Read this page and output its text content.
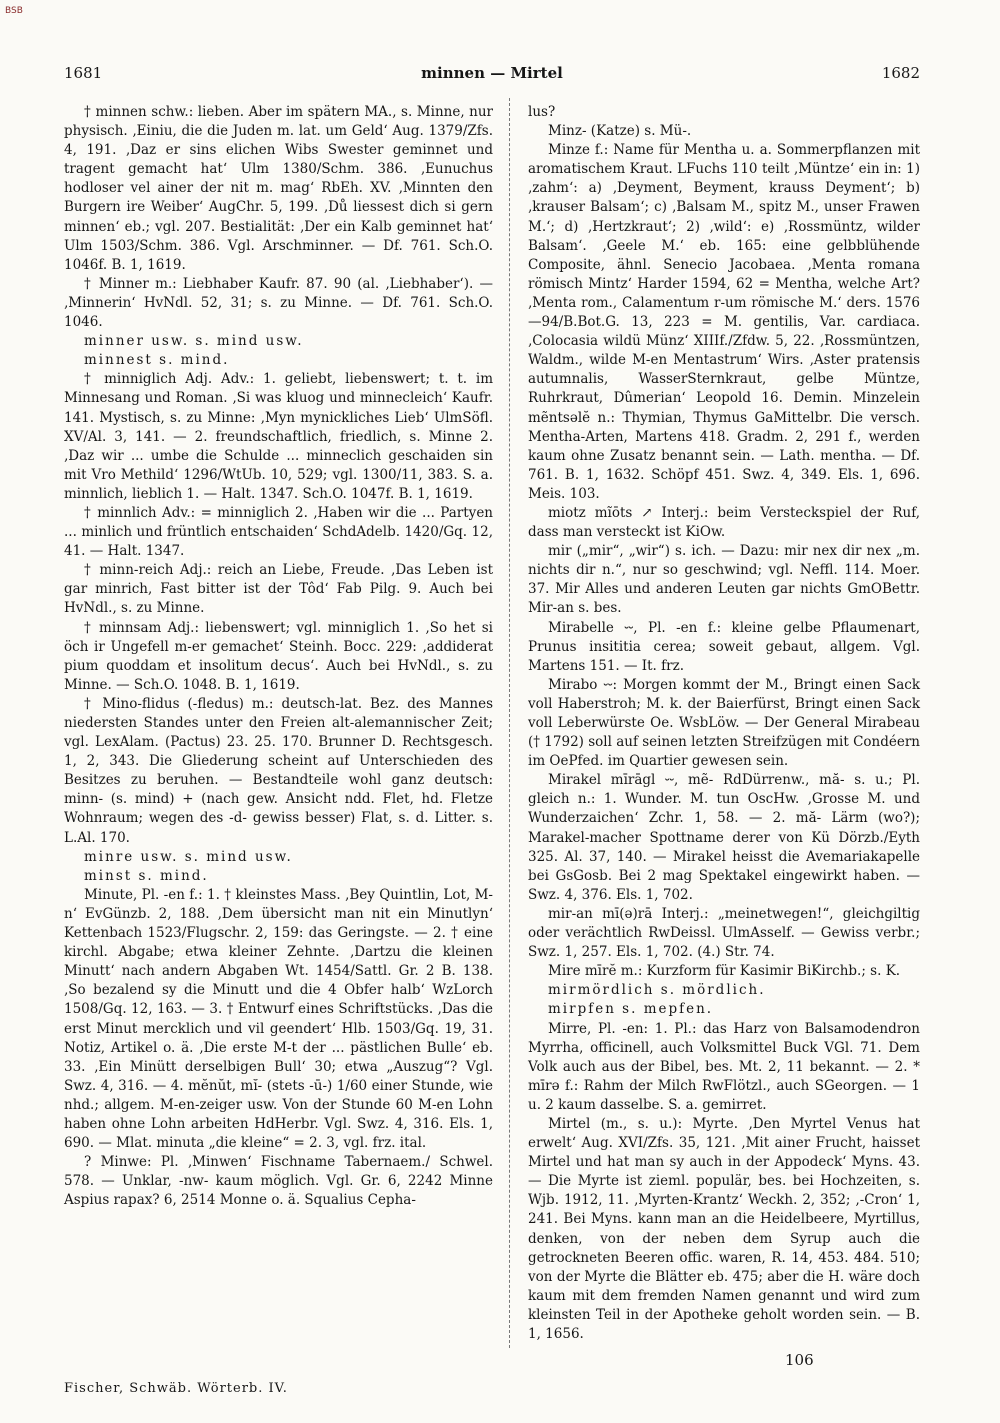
BSB
1681	minnen — Mirtel	1682

† minnen schw.: lieben. Aber im spätern MA., s. Minne, nur physisch. ‚Einiu, die die Juden m. lat. um Geld‘ Aug. 1379/Zfs. 4, 191. ‚Daz er sins elichen Wibs Swester geminnet und tragent gemacht hat‘ Ulm 1380/Schm. 386. ‚Eunuchus hodloser vel ainer der nit m. mag‘ RbEh. XV. ‚Minnten den Burgern ire Weiber‘ AugChr. 5, 199. ‚Dů liessest dich si gern minnen‘ eb.; vgl. 207. Bestialität: ‚Der ein Kalb geminnet hat‘ Ulm 1503/Schm. 386. Vgl. Arschminner. — Df. 761. Sch.O. 1046f. B. 1, 1619.

† Minner m.: Liebhaber Kaufr. 87. 90 (al. ‚Liebhaber‘). — ‚Minnerin‘ HvNdl. 52, 31; s. zu Minne. — Df. 761. Sch.O. 1046.

minner usw. s. mind usw.

minnest s. mind.

† minniglich Adj. Adv.: 1. geliebt, liebenswert; t. t. im Minnesang und Roman. ‚Si was kluog und minnecleich‘ Kaufr. 141. Mystisch, s. zu Minne: ‚Myn mynickliches Lieb‘ UlmSöfl. XV/Al. 3, 141. — 2. freundschaftlich, friedlich, s. Minne 2. ‚Daz wir ... umbe die Schulde ... minneclich geschaiden sin mit Vro Methild‘ 1296/WtUb. 10, 529; vgl. 1300/11, 383. S. a. minnlich, lieblich 1. — Halt. 1347. Sch.O. 1047f. B. 1, 1619.

† minnlich Adv.: = minniglich 2. ‚Haben wir die ... Partyen ... minlich und früntlich entschaiden‘ SchdAdelb. 1420/Gq. 12, 41. — Halt. 1347.

† minn-reich Adj.: reich an Liebe, Freude. ‚Das Leben ist gar minrich, Fast bitter ist der Tôd‘ Fab Pilg. 9. Auch bei HvNdl., s. zu Minne.

† minnsam Adj.: liebenswert; vgl. minniglich 1. ‚So het si öch ir Ungefell m-er gemachet‘ Steinh. Bocc. 229: ‚addiderat pium quoddam et insolitum decus‘. Auch bei HvNdl., s. zu Minne. — Sch.O. 1048. B. 1, 1619.

† Mino-flidus (-fledus) m.: deutsch-lat. Bez. des Mannes niedersten Standes unter den Freien alt-alemannischer Zeit; vgl. LexAlam. (Pactus) 23. 25. 170. Brunner D. Rechtsgesch. 1, 2, 343. Die Gliederung scheint auf Unterschieden des Besitzes zu beruhen. — Bestandteile wohl ganz deutsch: minn- (s. mind) + (nach gew. Ansicht ndd. Flet, hd. Fletze Wohnraum; wegen des -d- gewiss besser) Flat, s. d. Litter. s. L.Al. 170.

minre usw. s. mind usw.

minst s. mind.

Minute, Pl. -en f.: 1. † kleinstes Mass. ‚Bey Quintlin, Lot, M-n‘ EvGünzb. 2, 188. ‚Dem übersicht man nit ein Minutlyn‘ Kettenbach 1523/Flugschr. 2, 159: das Geringste. — 2. † eine kirchl. Abgabe; etwa kleiner Zehnte. ‚Dartzu die kleinen Minutt‘ nach andern Abgaben Wt. 1454/Sattl. Gr. 2 B. 138. ‚So bezalend sy die Minutt und die 4 Obfer halb‘ WzLorch 1508/Gq. 12, 163. — 3. † Entwurf eines Schriftstücks. ‚Das die erst Minut mercklich und vil geendert‘ Hlb. 1503/Gq. 19, 31. Notiz, Artikel o. ä. ‚Die erste M-t der ... pästlichen Bulle‘ eb. 33. ‚Ein Minütt derselbigen Bull‘ 30; etwa „Auszug“? Vgl. Swz. 4, 316. — 4. mĕnŭt, mĭ- (stets -ū-) 1/60 einer Stunde, wie nhd.; allgem. M-en-zeiger usw. Von der Stunde 60 M-en Lohn haben ohne Lohn arbeiten HdHerbr. Vgl. Swz. 4, 316. Els. 1, 690. — Mlat. minuta „die kleine“ = 2. 3, vgl. frz. ital.

? Minwe: Pl. ‚Minwen‘ Fischname Tabernaem./ Schwel. 578. — Unklar, -nw- kaum möglich. Vgl. Gr. 6, 2242 Minne Aspius rapax? 6, 2514 Monne o. ä. Squalius Cepha-

lus?

Minz- (Katze) s. Mü-.

Minze f.: Name für Mentha u. a. Sommerpflanzen mit aromatischem Kraut. LFuchs 110 teilt ‚Müntze‘ ein in: 1) ‚zahm‘: a) ‚Deyment, Beyment, krauss Deyment‘; b) ‚krauser Balsam‘; c) ‚Balsam M., spitz M., unser Frawen M.‘; d) ‚Hertzkraut‘; 2) ‚wild‘: e) ‚Rossmüntz, wilder Balsam‘. ‚Geele M.‘ eb. 165: eine gelbblühende Composite, ähnl. Senecio Jacobaea. ‚Menta romana römisch Mintz‘ Harder 1594, 62 = Mentha, welche Art? ‚Menta rom., Calamentum r-um römische M.‘ ders. 1576—94/B.Bot.G. 13, 223 = M. gentilis, Var. cardiaca. ‚Colocasia wildü Münz‘ XIIIf./Zfdw. 5, 22. ‚Rossmüntzen, Waldm., wilde M-en Mentastrum‘ Wirs. ‚Aster pratensis autumnalis, WasserSternkraut, gelbe Müntze, Ruhrkraut, Dûmerian‘ Leopold 16. Demin. Minzelein mẽntsəlĕ n.: Thymian, Thymus GaMittelbr. Die versch. Mentha-Arten, Martens 418. Gradm. 2, 291 f., werden kaum ohne Zusatz benannt sein. — Lath. mentha. — Df. 761. B. 1, 1632. Schöpf 451. Swz. 4, 349. Els. 1, 696. Meis. 103.

miotz mĩōts ↗ Interj.: beim Versteckspiel der Ruf, dass man versteckt ist KiOw.

mir („mir“, „wir“) s. ich. — Dazu: mir nex dir nex „m. nichts dir n.“, nur so geschwind; vgl. Neffl. 114. Moer. 37. Mir Alles und anderen Leuten gar nichts GmOBettr. Mir-an s. bes.

Mirabelle ⏑⏑, Pl. -en f.: kleine gelbe Pflaumenart, Prunus insititia cerea; soweit gebaut, allgem. Vgl. Martens 151. — It. frz.

Mirabo ⏑⏑: Morgen kommt der M., Bringt einen Sack voll Haberstroh; M. k. der Baierfürst, Bringt einen Sack voll Leberwürste Oe. WsbLöw. — Der General Mirabeau († 1792) soll auf seinen letzten Streifzügen mit Condéern im OePfed. im Quartier gewesen sein.

Mirakel mīrāgl ⏑⏑, mẽ- RdDürrenw., mă- s. u.; Pl. gleich n.: 1. Wunder. M. tun OscHw. ‚Grosse M. und Wunderzaichen‘ Zchr. 1, 58. — 2. mă- Lärm (wo?); Marakel-macher Spottname derer von Kü Dörzb./Eyth 325. Al. 37, 140. — Mirakel heisst die Avemariakapelle bei GsGosb. Bei 2 mag Spektakel eingewirkt haben. — Swz. 4, 376. Els. 1, 702.

mir-an mī(ə)rā Interj.: „meinetwegen!“, gleichgiltig oder verächtlich RwDeissl. UlmAsself. — Gewiss verbr.; Swz. 1, 257. Els. 1, 702. (4.) Str. 74.

Mire mīrĕ m.: Kurzform für Kasimir BiKirchb.; s. K.

mirmördlich s. mördlich.

mirpfen s. mepfen.

Mirre, Pl. -en: 1. Pl.: das Harz von Balsamodendron Myrrha, officinell, auch Volksmittel Buck VGl. 71. Dem Volk auch aus der Bibel, bes. Mt. 2, 11 bekannt. — 2. * mīrə f.: Rahm der Milch RwFlötzl., auch SGeorgen. — 1 u. 2 kaum dasselbe. S. a. gemirret.

Mirtel (m., s. u.): Myrte. ‚Den Myrtel Venus hat erwelt‘ Aug. XVI/Zfs. 35, 121. ‚Mit ainer Frucht, haisset Mirtel und hat man sy auch in der Appodeck‘ Myns. 43. — Die Myrte ist zieml. populär, bes. bei Hochzeiten, s. Wjb. 1912, 11. ‚Myrten-Krantz‘ Weckh. 2, 352; ‚-Cron‘ 1, 241. Bei Myns. kann man an die Heidelbeere, Myrtillus, denken, von der neben dem Syrup auch die getrockneten Beeren offic. waren, R. 14, 453. 484. 510; von der Myrte die Blätter eb. 475; aber die H. wäre doch kaum mit dem fremden Namen genannt und wird zum kleinsten Teil in der Apotheke geholt worden sein. — B. 1, 1656.

106
Fischer, Schwäb. Wörterb. IV.
